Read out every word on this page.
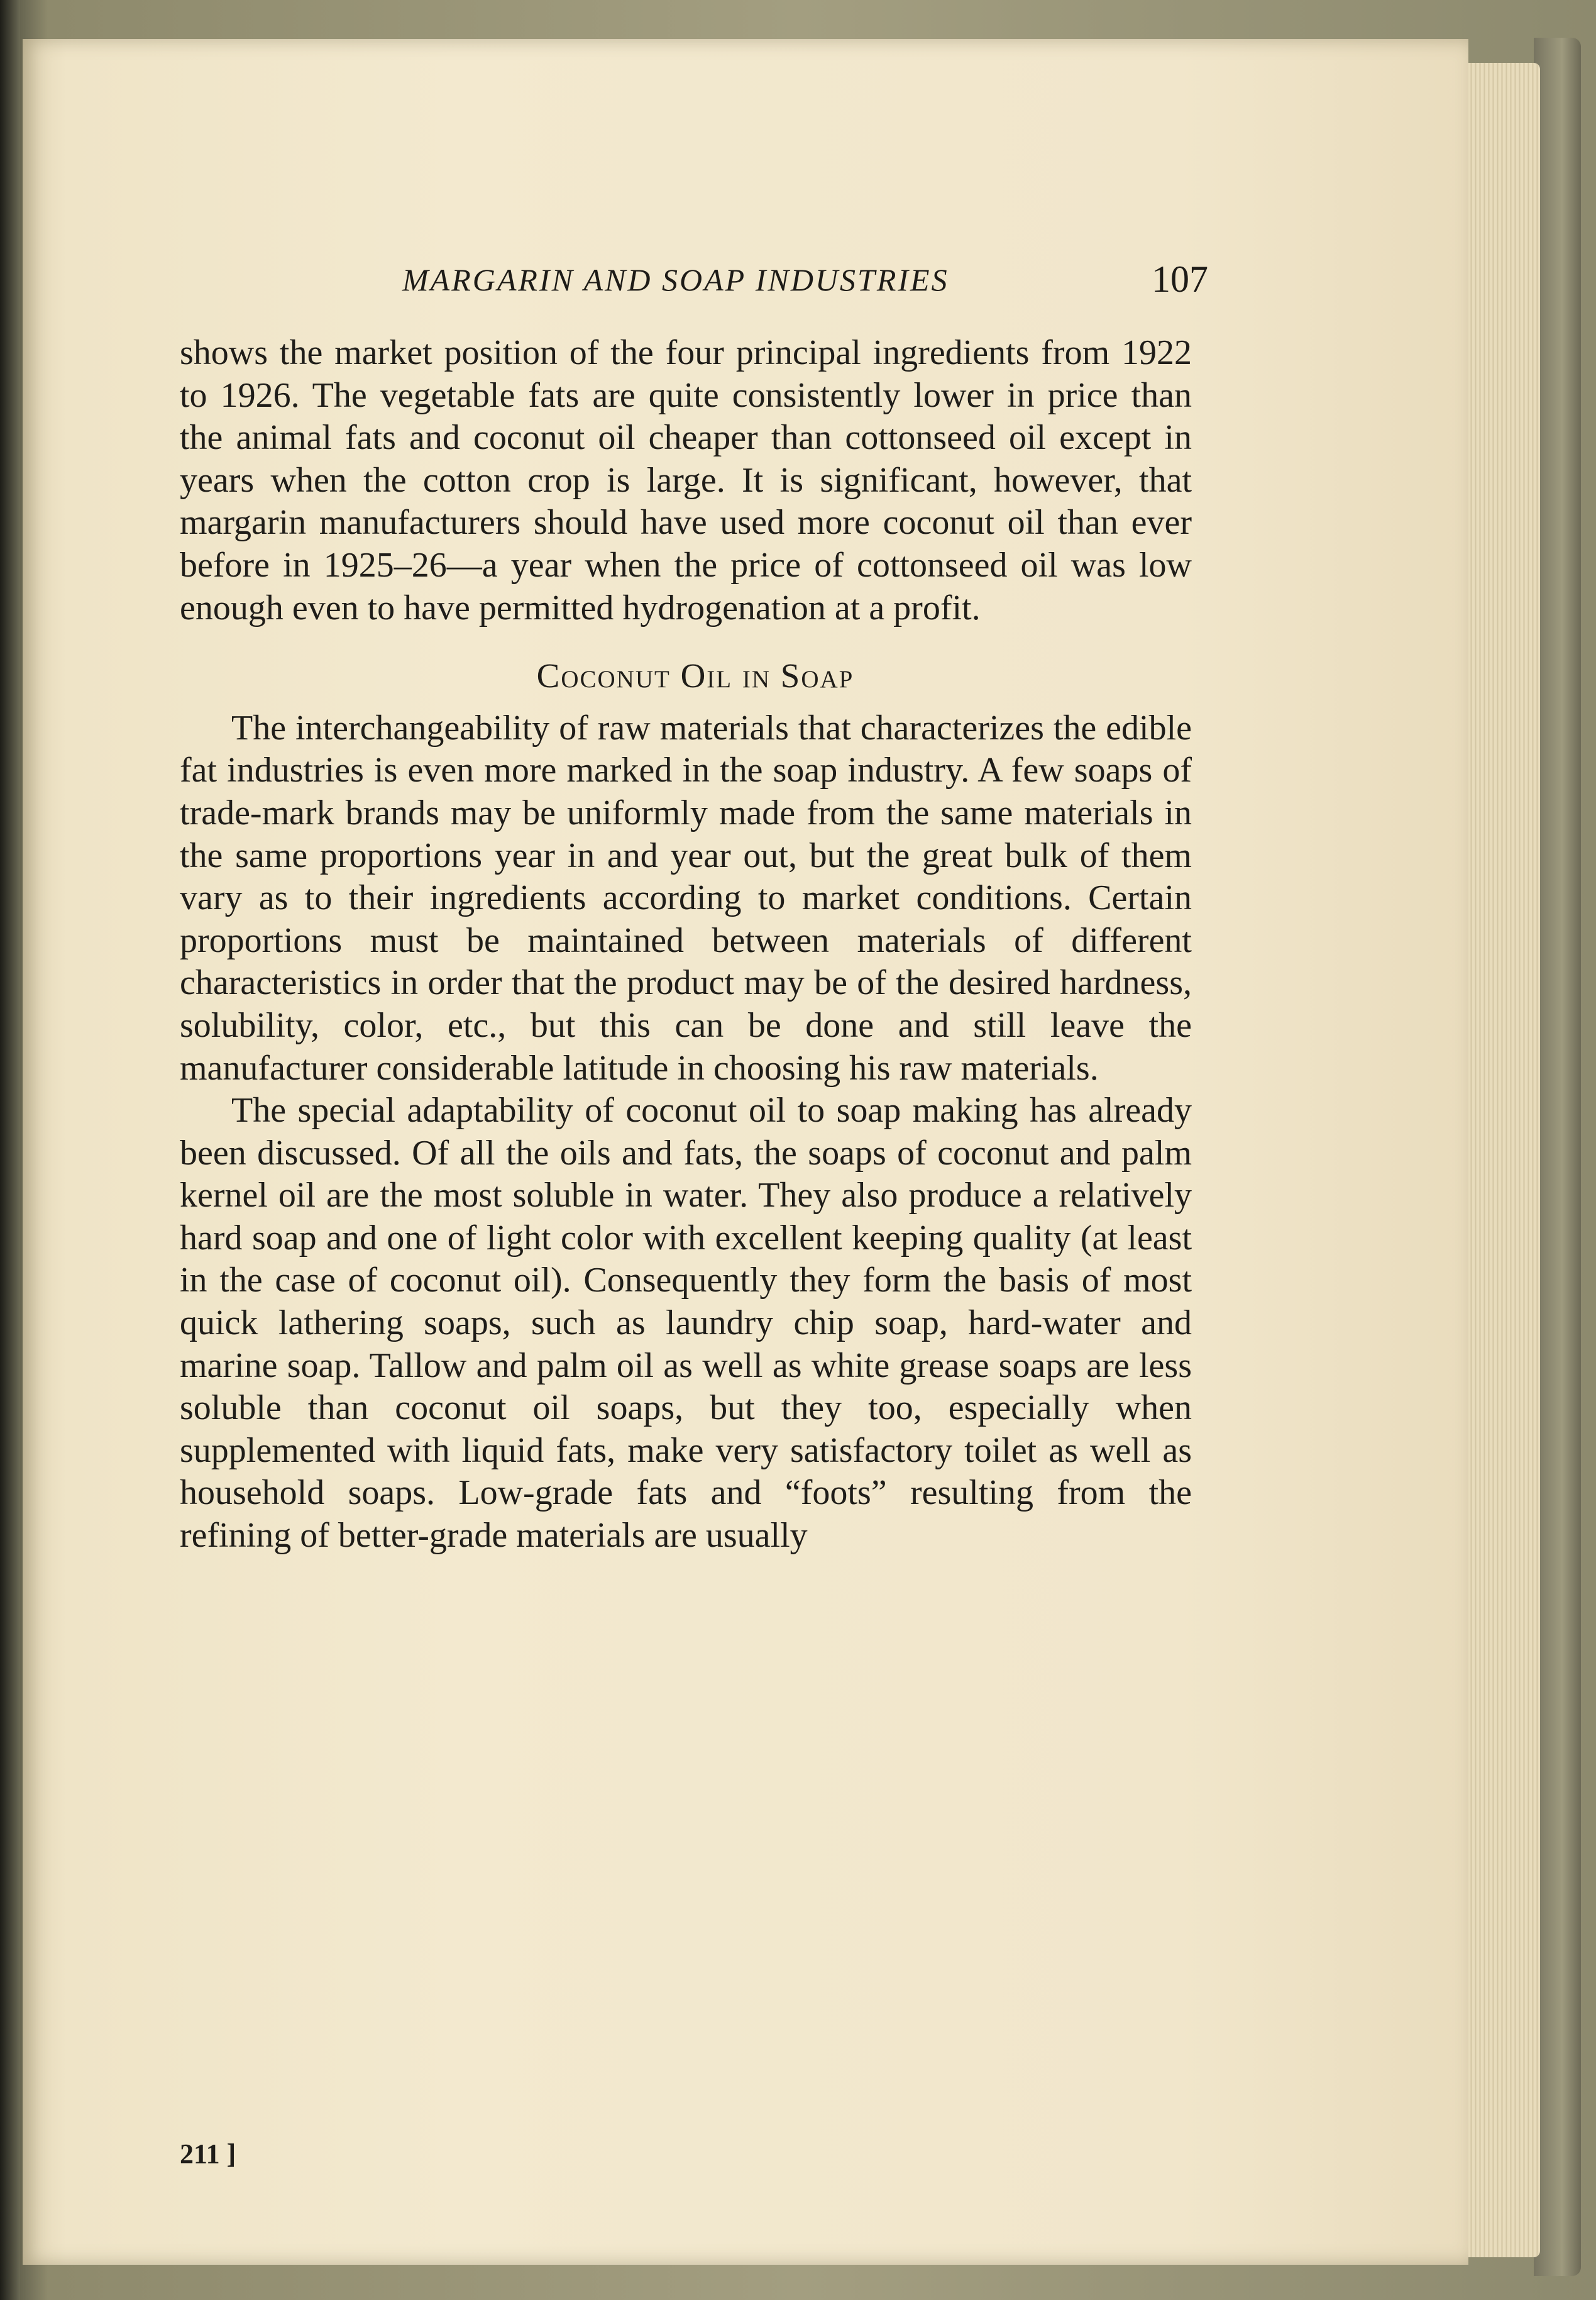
MARGARIN AND SOAP INDUSTRIES	107

shows the market position of the four principal ingredients from 1922 to 1926. The vegetable fats are quite consistently lower in price than the animal fats and coconut oil cheaper than cottonseed oil except in years when the cotton crop is large. It is significant, however, that margarin manufacturers should have used more coconut oil than ever before in 1925–26—a year when the price of cottonseed oil was low enough even to have permitted hydrogenation at a profit.

Coconut Oil in Soap

The interchangeability of raw materials that characterizes the edible fat industries is even more marked in the soap industry. A few soaps of trade-mark brands may be uniformly made from the same materials in the same proportions year in and year out, but the great bulk of them vary as to their ingredients according to market conditions. Certain proportions must be maintained between materials of different characteristics in order that the product may be of the desired hardness, solubility, color, etc., but this can be done and still leave the manufacturer considerable latitude in choosing his raw materials.

The special adaptability of coconut oil to soap making has already been discussed. Of all the oils and fats, the soaps of coconut and palm kernel oil are the most soluble in water. They also produce a relatively hard soap and one of light color with excellent keeping quality (at least in the case of coconut oil). Consequently they form the basis of most quick lathering soaps, such as laundry chip soap, hard-water and marine soap. Tallow and palm oil as well as white grease soaps are less soluble than coconut oil soaps, but they too, especially when supplemented with liquid fats, make very satisfactory toilet as well as household soaps. Low-grade fats and “foots” resulting from the refining of better-grade materials are usually

211 ]
